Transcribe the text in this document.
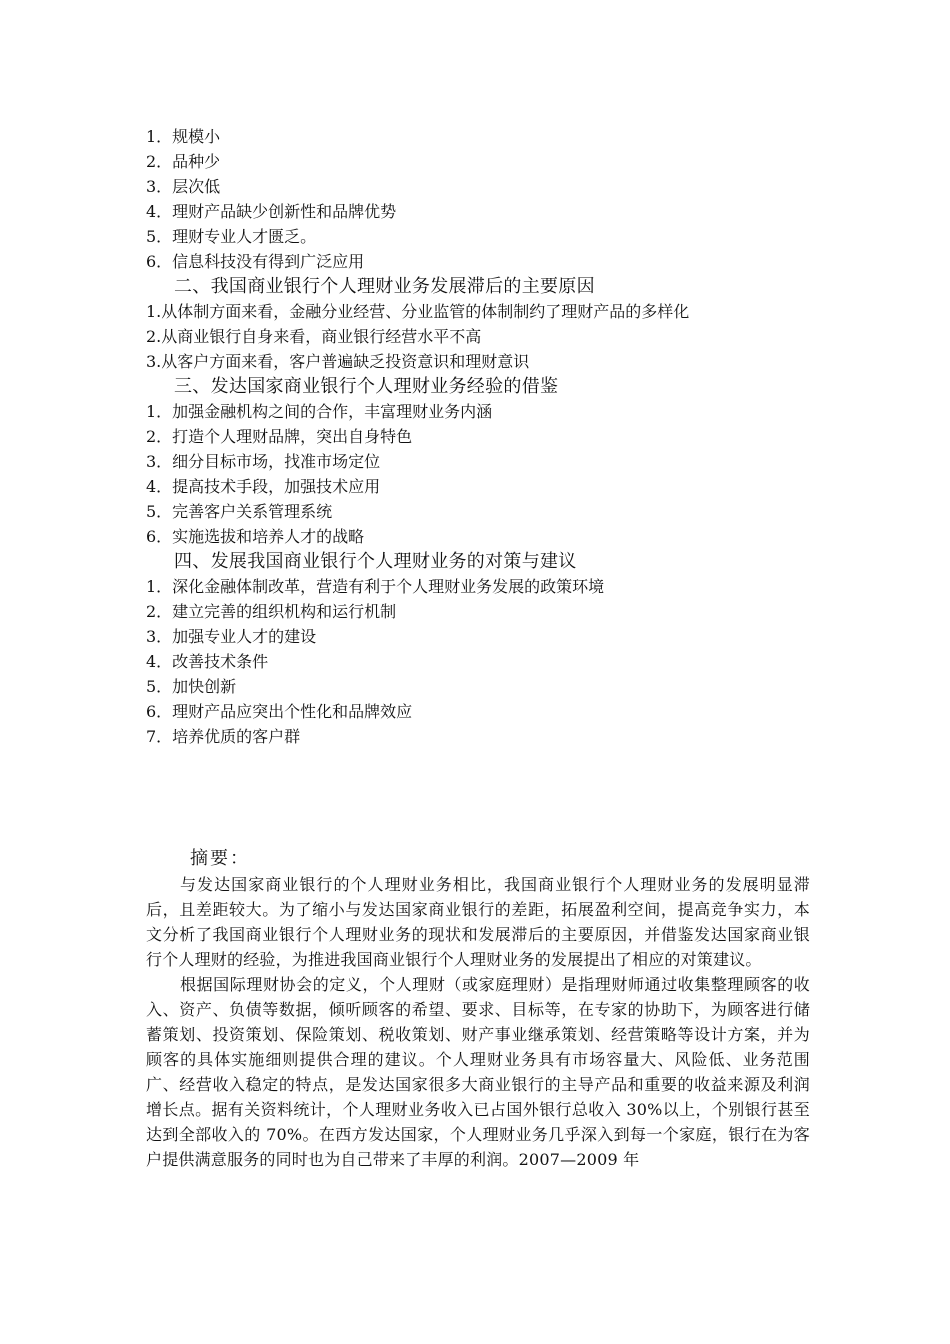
1．规模小
2．品种少
3．层次低
4．理财产品缺少创新性和品牌优势
5．理财专业人才匮乏。
6．信息科技没有得到广泛应用
二、我国商业银行个人理财业务发展滞后的主要原因
1.从体制方面来看，金融分业经营、分业监管的体制制约了理财产品的多样化
2.从商业银行自身来看，商业银行经营水平不高
3.从客户方面来看，客户普遍缺乏投资意识和理财意识
三、发达国家商业银行个人理财业务经验的借鉴
1．加强金融机构之间的合作，丰富理财业务内涵
2．打造个人理财品牌，突出自身特色
3．细分目标市场，找准市场定位
4．提高技术手段，加强技术应用
5．完善客户关系管理系统
6．实施选拔和培养人才的战略
四、发展我国商业银行个人理财业务的对策与建议
1．深化金融体制改革，营造有利于个人理财业务发展的政策环境
2．建立完善的组织机构和运行机制
3．加强专业人才的建设
4．改善技术条件
5．加快创新
6．理财产品应突出个性化和品牌效应
7．培养优质的客户群
摘要：

与发达国家商业银行的个人理财业务相比，我国商业银行个人理财业务的发展明显滞后，且差距较大。为了缩小与发达国家商业银行的差距，拓展盈利空间，提高竞争实力，本文分析了我国商业银行个人理财业务的现状和发展滞后的主要原因，并借鉴发达国家商业银行个人理财的经验，为推进我国商业银行个人理财业务的发展提出了相应的对策建议。

根据国际理财协会的定义，个人理财（或家庭理财）是指理财师通过收集整理顾客的收入、资产、负债等数据，倾听顾客的希望、要求、目标等，在专家的协助下，为顾客进行储蓄策划、投资策划、保险策划、税收策划、财产事业继承策划、经营策略等设计方案，并为顾客的具体实施细则提供合理的建议。个人理财业务具有市场容量大、风险低、业务范围广、经营收入稳定的特点，是发达国家很多大商业银行的主导产品和重要的收益来源及利润增长点。据有关资料统计，个人理财业务收入已占国外银行总收入 30%以上，个别银行甚至达到全部收入的 70%。在西方发达国家，个人理财业务几乎深入到每一个家庭，银行在为客户提供满意服务的同时也为自己带来了丰厚的利润。2007—2009 年
